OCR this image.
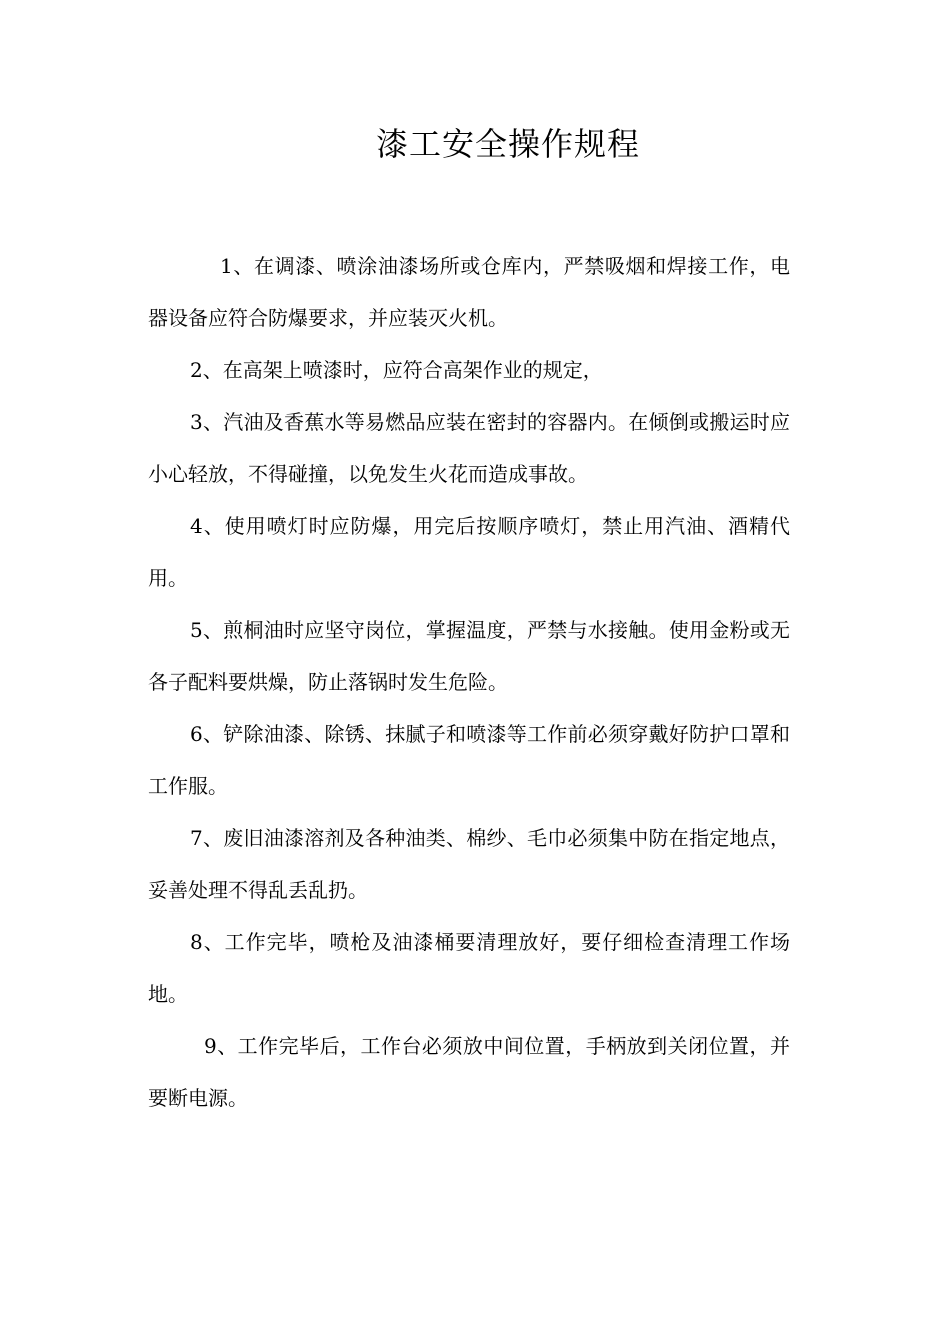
漆工安全操作规程

1、在调漆、喷涂油漆场所或仓库内，严禁吸烟和焊接工作，电器设备应符合防爆要求，并应装灭火机。

2、在高架上喷漆时，应符合高架作业的规定，

3、汽油及香蕉水等易燃品应装在密封的容器内。在倾倒或搬运时应小心轻放，不得碰撞，以免发生火花而造成事故。

4、使用喷灯时应防爆，用完后按顺序喷灯，禁止用汽油、酒精代用。

5、煎桐油时应坚守岗位，掌握温度，严禁与水接触。使用金粉或无各子配料要烘燥，防止落锅时发生危险。

6、铲除油漆、除锈、抹腻子和喷漆等工作前必须穿戴好防护口罩和工作服。

7、废旧油漆溶剂及各种油类、棉纱、毛巾必须集中防在指定地点，妥善处理不得乱丢乱扔。

8、工作完毕，喷枪及油漆桶要清理放好，要仔细检查清理工作场地。

9、工作完毕后，工作台必须放中间位置，手柄放到关闭位置，并要断电源。
